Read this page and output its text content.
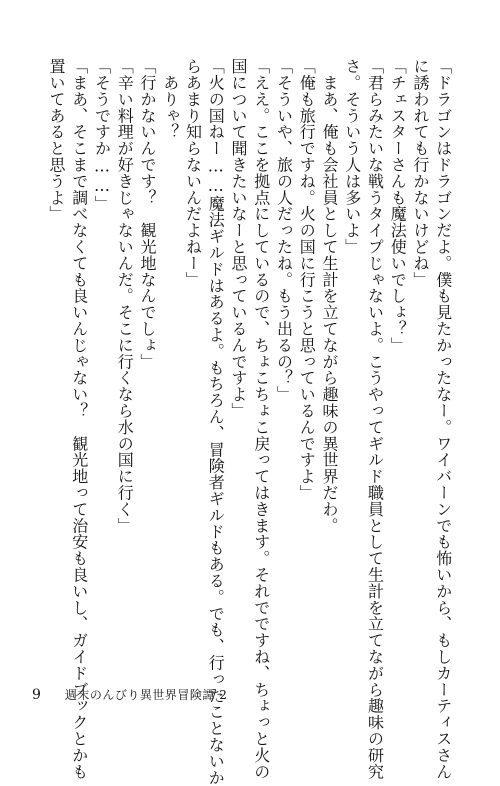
「ドラゴンはドラゴンだよ。僕も見たかったなー。ワイバーンでも怖いから、もしカーティスさん

に誘われても行かないけどね」

「チェスターさんも魔法使いでしょ？」

「君らみたいな戦うタイプじゃないよ。こうやってギルド職員として生計を立てながら趣味の研究

さ。そういう人は多いよ」

　まあ、俺も会社員として生計を立てながら趣味の異世界だわ。

「俺も旅行ですね。火の国に行こうと思っているんですよ」

「そういや、旅の人だったね。もう出るの？」

「ええ。ここを拠点にしているので、ちょこちょこ戻ってはきます。それでですね、ちょっと火の

国について聞きたいなーと思っているんですよ」

「火の国ねー……魔法ギルドはあるよ。もちろん、冒険者ギルドもある。でも、行ったことないか

らあまり知らないんだよねー」

　ありゃ？

「行かないんです？　観光地なんでしょ」

「辛い料理が好きじゃないんだ。そこに行くなら水の国に行く」

「そうですか……」

「まあ、そこまで調べなくても良いんじゃない？　観光地って治安も良いし、ガイドブックとかも

置いてあると思うよ」

9 週末のんびり異世界冒険譚 2
